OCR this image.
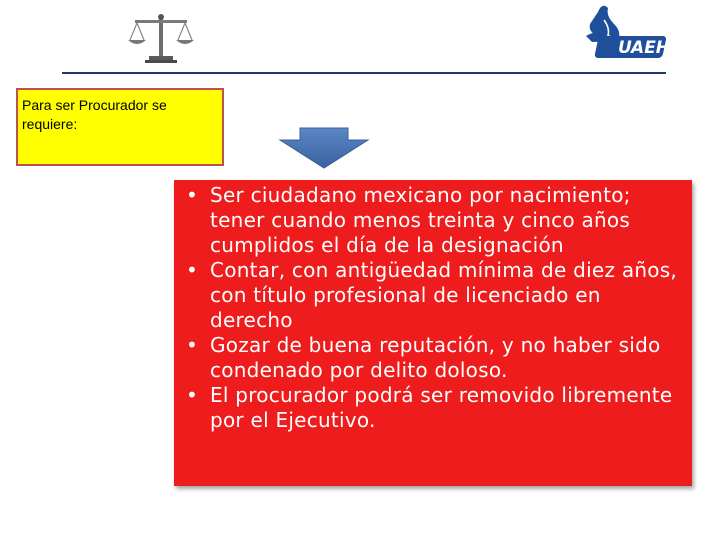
UAEH
Para ser Procurador se requiere:
• Ser ciudadano mexicano por nacimiento; tener cuando menos treinta y cinco años cumplidos el día de la designación
• Contar, con antigüedad mínima de diez años, con título profesional de licenciado en derecho
• Gozar de buena reputación, y no haber sido condenado por delito doloso.
• El procurador podrá ser removido libremente por el Ejecutivo.
